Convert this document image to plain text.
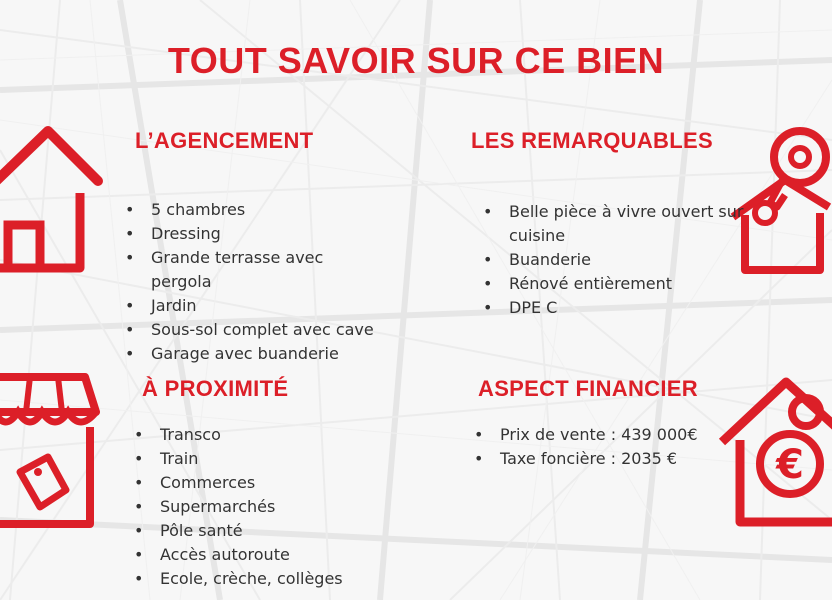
TOUT SAVOIR SUR CE BIEN
€
L’AGENCEMENT
• 5 chambres
• Dressing
• Grande terrasse avec pergola
• Jardin
• Sous-sol complet avec cave
• Garage avec buanderie
LES REMARQUABLES
• Belle pièce à vivre ouvert sur cuisine
• Buanderie
• Rénové entièrement
• DPE C
À PROXIMITÉ
• Transco
• Train
• Commerces
• Supermarchés
• Pôle santé
• Accès autoroute
• Ecole, crèche, collèges
ASPECT FINANCIER
• Prix de vente : 439 000€
• Taxe foncière : 2035 €
